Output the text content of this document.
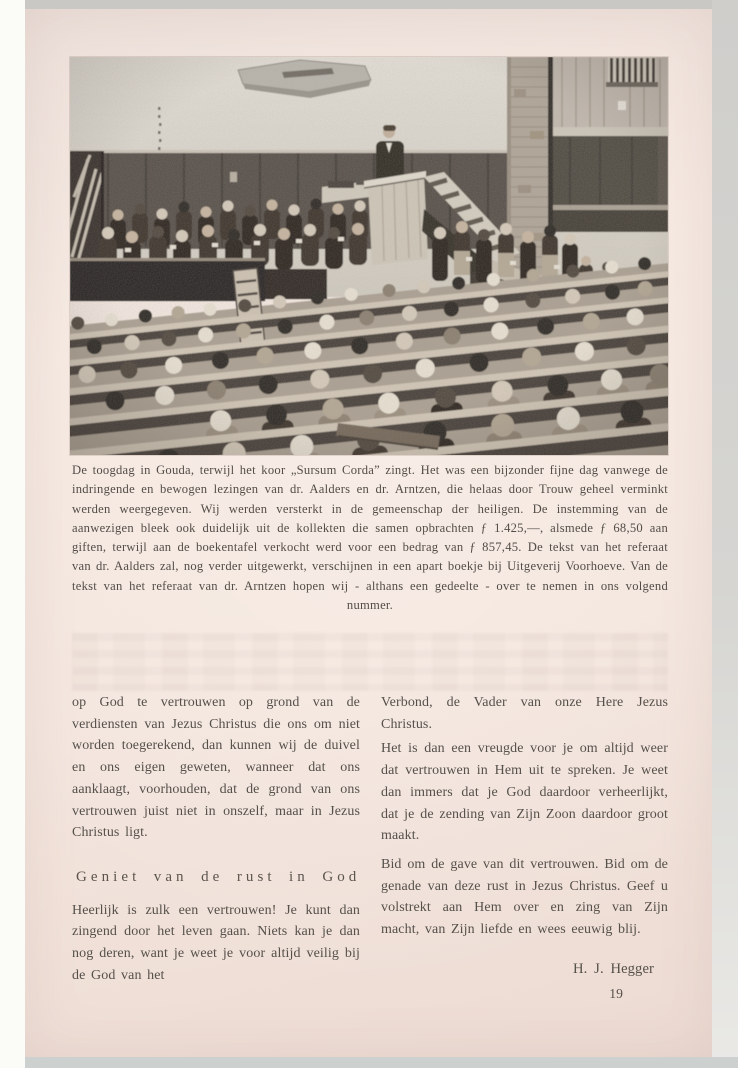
De toogdag in Gouda, terwijl het koor „Sursum Corda” zingt. Het was een bijzonder fijne dag vanwege de indringende en bewogen lezingen van dr. Aalders en dr. Arntzen, die helaas door Trouw geheel verminkt werden weergegeven. Wij werden versterkt in de gemeenschap der heiligen. De instemming van de aanwezigen bleek ook duidelijk uit de kollekten die samen opbrachten ƒ 1.425,—, alsmede ƒ 68,50 aan giften, terwijl aan de boekentafel verkocht werd voor een bedrag van ƒ 857,45. De tekst van het referaat van dr. Aalders zal, nog verder uitgewerkt, verschijnen in een apart boekje bij Uitgeverij Voorhoeve. Van de tekst van het referaat van dr. Arntzen hopen wij - althans een gedeelte - over te nemen in ons volgend nummer.

op God te vertrouwen op grond van de verdiensten van Jezus Christus die ons om niet worden toegerekend, dan kunnen wij de duivel en ons eigen geweten, wanneer dat ons aanklaagt, voorhouden, dat de grond van ons vertrouwen juist niet in onszelf, maar in Jezus Christus ligt.

Geniet van de rust in God

Heerlijk is zulk een vertrouwen! Je kunt dan zingend door het leven gaan. Niets kan je dan nog deren, want je weet je voor altijd veilig bij de God van het

Verbond, de Vader van onze Here Jezus Christus.

Het is dan een vreugde voor je om altijd weer dat vertrouwen in Hem uit te spreken. Je weet dan immers dat je God daardoor verheerlijkt, dat je de zending van Zijn Zoon daardoor groot maakt.

Bid om de gave van dit vertrouwen. Bid om de genade van deze rust in Jezus Christus. Geef u volstrekt aan Hem over en zing van Zijn macht, van Zijn liefde en wees eeuwig blij.

H. J. Hegger

19
